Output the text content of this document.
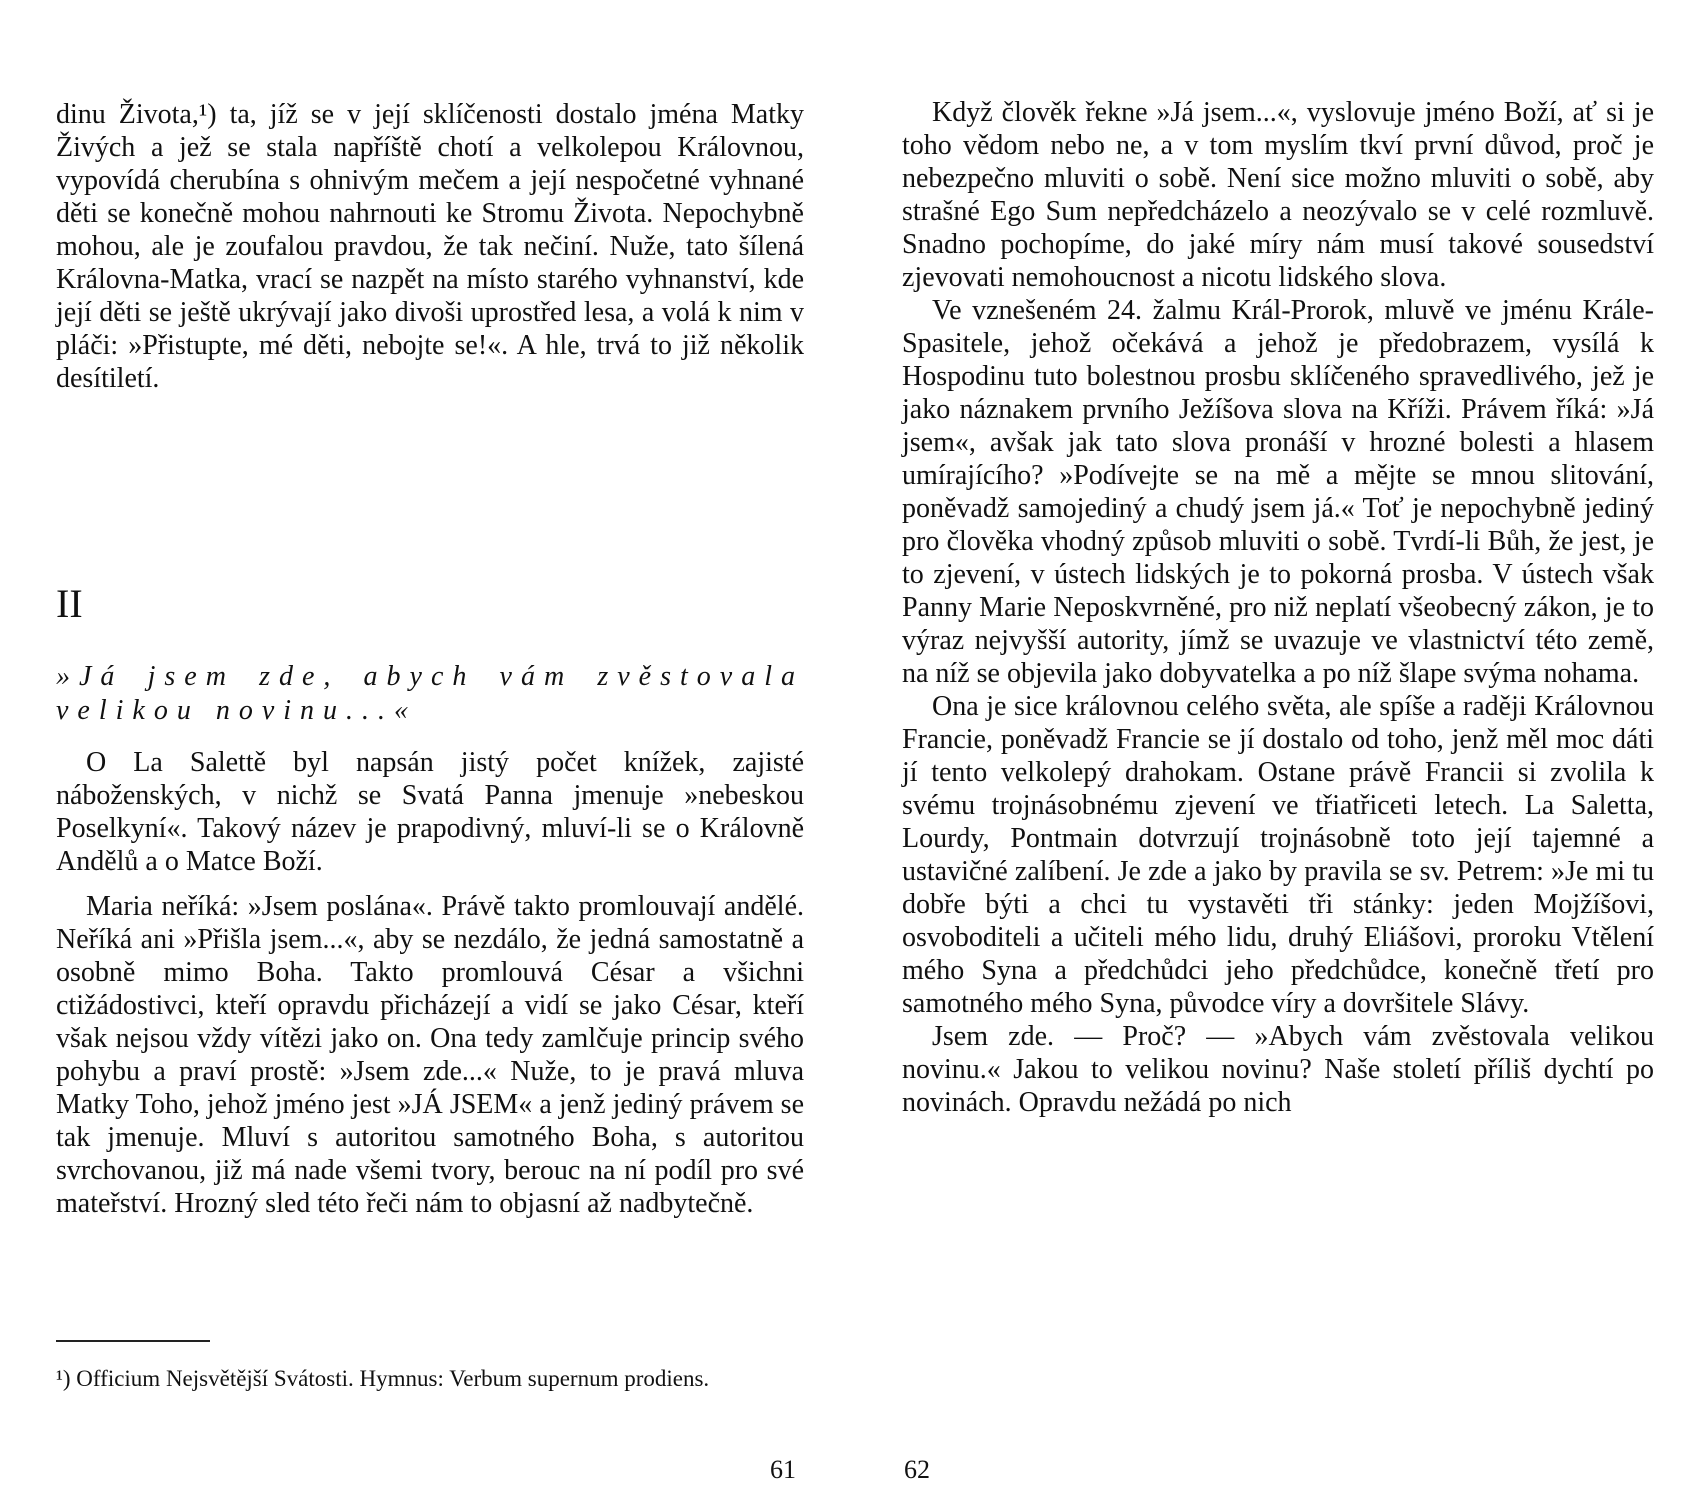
dinu Života,¹) ta, jíž se v její sklíčenosti dostalo jména Matky Živých a jež se stala napříště chotí a velkolepou Královnou, vypovídá cherubína s ohnivým mečem a její nespočetné vyhnané děti se konečně mohou nahrnouti ke Stromu Života. Nepochybně mohou, ale je zoufalou pravdou, že tak nečiní. Nuže, tato šílená Královna-Matka, vrací se nazpět na místo starého vyhnanství, kde její děti se ještě ukrývají jako divoši uprostřed lesa, a volá k nim v pláči: »Přistupte, mé děti, nebojte se!«. A hle, trvá to již několik desítiletí.

II
»Já jsem zde, abych vám zvěstovala velikou novinu...«

O La Salettě byl napsán jistý počet knížek, zajisté náboženských, v nichž se Svatá Panna jmenuje »nebeskou Poselkyní«. Takový název je prapodivný, mluví-li se o Královně Andělů a o Matce Boží.

Maria neříká: »Jsem poslána«. Právě takto promlouvají andělé. Neříká ani »Přišla jsem...«, aby se nezdálo, že jedná samostatně a osobně mimo Boha. Takto promlouvá César a všichni ctižádostivci, kteří opravdu přicházejí a vidí se jako César, kteří však nejsou vždy vítězi jako on. Ona tedy zamlčuje princip svého pohybu a praví prostě: »Jsem zde...« Nuže, to je pravá mluva Matky Toho, jehož jméno jest »JÁ JSEM« a jenž jediný právem se tak jmenuje. Mluví s autoritou samotného Boha, s autoritou svrchovanou, již má nade všemi tvory, berouc na ní podíl pro své mateřství. Hrozný sled této řeči nám to objasní až nadbytečně.

¹) Officium Nejsvětější Svátosti. Hymnus: Verbum supernum prodiens.
61

Když člověk řekne »Já jsem...«, vyslovuje jméno Boží, ať si je toho vědom nebo ne, a v tom myslím tkví první důvod, proč je nebezpečno mluviti o sobě. Není sice možno mluviti o sobě, aby strašné Ego Sum nepředcházelo a neozývalo se v celé rozmluvě. Snadno pochopíme, do jaké míry nám musí takové sousedství zjevovati nemohoucnost a nicotu lidského slova.

Ve vznešeném 24. žalmu Král-Prorok, mluvě ve jménu Krále-Spasitele, jehož očekává a jehož je předobrazem, vysílá k Hospodinu tuto bolestnou prosbu sklíčeného spravedlivého, jež je jako náznakem prvního Ježíšova slova na Kříži. Právem říká: »Já jsem«, avšak jak tato slova pronáší v hrozné bolesti a hlasem umírajícího? »Podívejte se na mě a mějte se mnou slitování, poněvadž samojediný a chudý jsem já.« Toť je nepochybně jediný pro člověka vhodný způsob mluviti o sobě. Tvrdí-li Bůh, že jest, je to zjevení, v ústech lidských je to pokorná prosba. V ústech však Panny Marie Neposkvrněné, pro niž neplatí všeobecný zákon, je to výraz nejvyšší autority, jímž se uvazuje ve vlastnictví této země, na níž se objevila jako dobyvatelka a po níž šlape svýma nohama.

Ona je sice královnou celého světa, ale spíše a raději Královnou Francie, poněvadž Francie se jí dostalo od toho, jenž měl moc dáti jí tento velkolepý drahokam. Ostane právě Francii si zvolila k svému trojnásobnému zjevení ve třiatřiceti letech. La Saletta, Lourdy, Pontmain dotvrzují trojnásobně toto její tajemné a ustavičné zalíbení. Je zde a jako by pravila se sv. Petrem: »Je mi tu dobře býti a chci tu vystavěti tři stánky: jeden Mojžíšovi, osvoboditeli a učiteli mého lidu, druhý Eliášovi, proroku Vtělení mého Syna a předchůdci jeho předchůdce, konečně třetí pro samotného mého Syna, původce víry a dovršitele Slávy.

Jsem zde. — Proč? — »Abych vám zvěstovala velikou novinu.« Jakou to velikou novinu? Naše století příliš dychtí po novinách. Opravdu nežádá po nich

62
